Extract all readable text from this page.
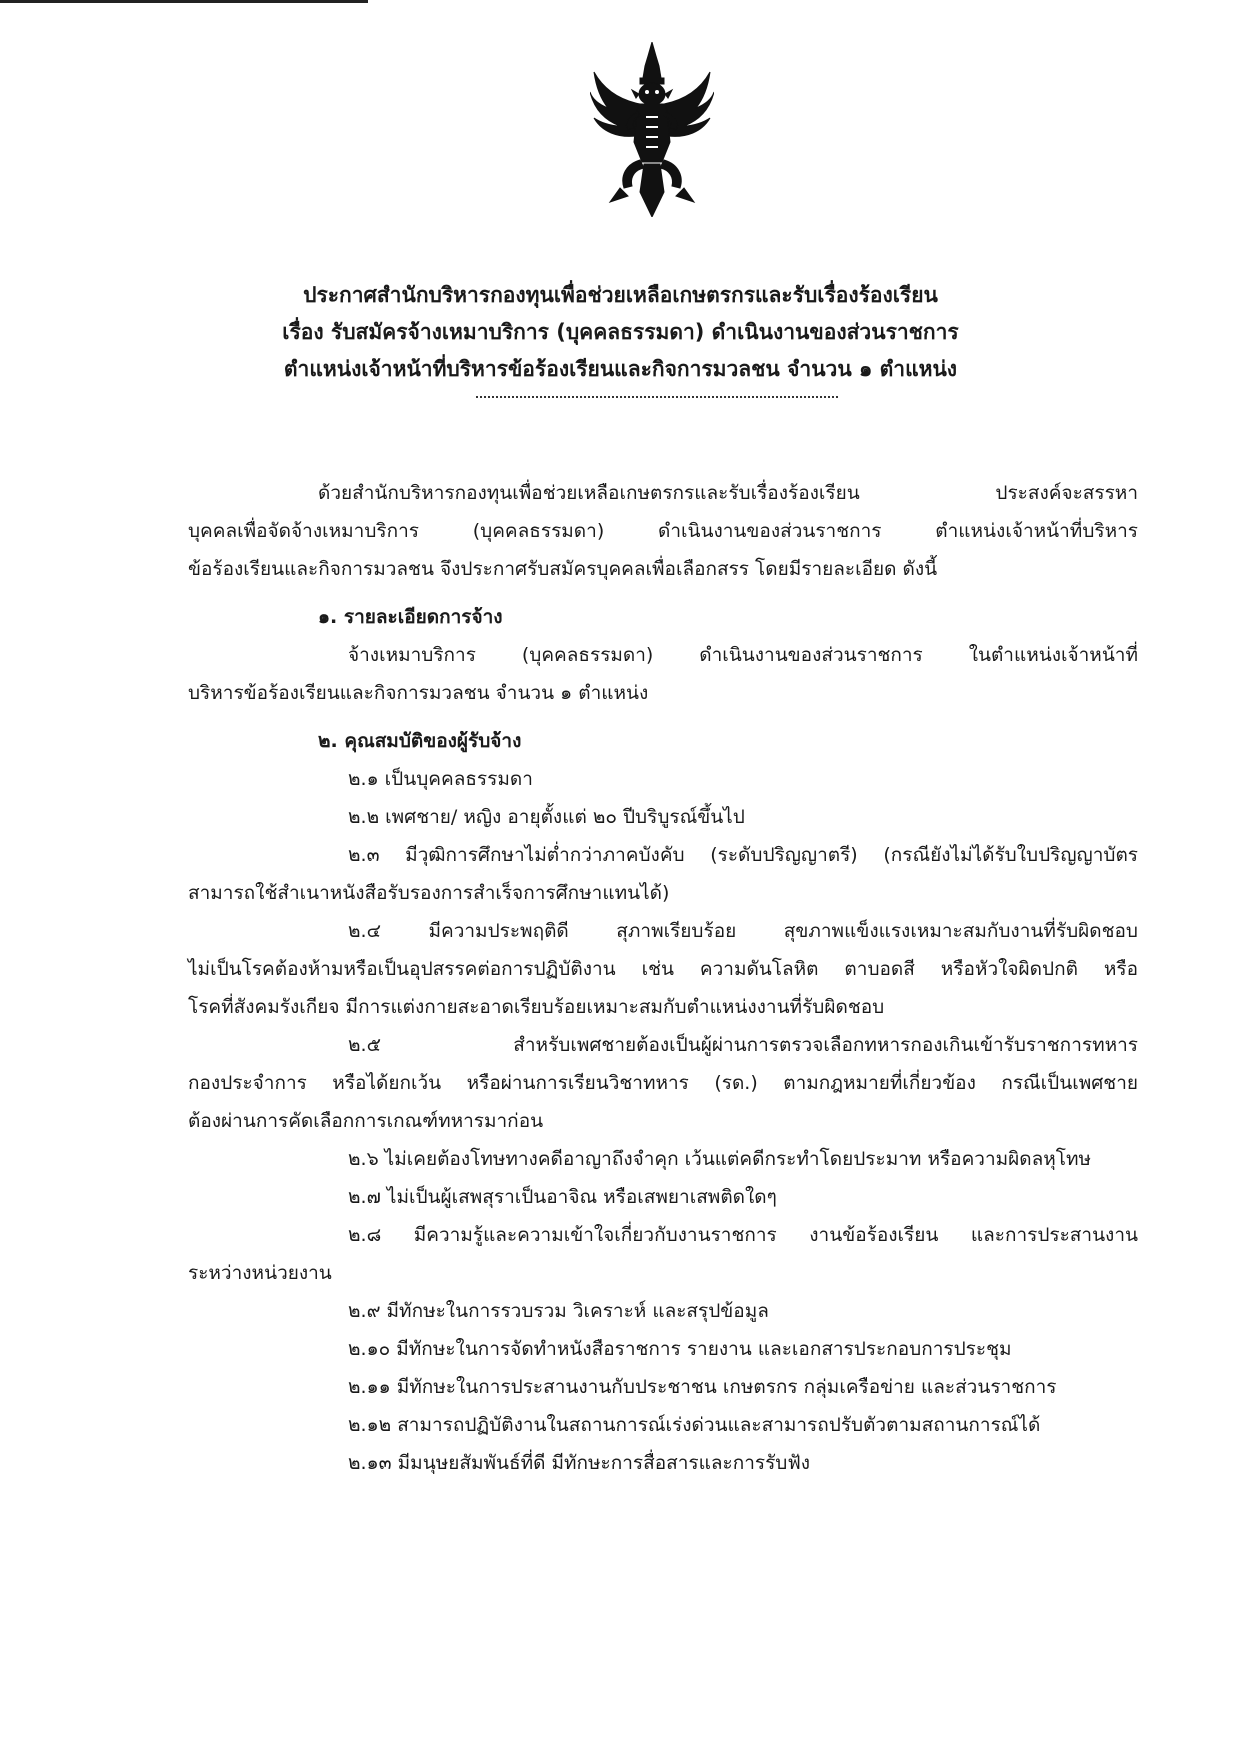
ประกาศสำนักบริหารกองทุนเพื่อช่วยเหลือเกษตรกรและรับเรื่องร้องเรียน
เรื่อง รับสมัครจ้างเหมาบริการ (บุคคลธรรมดา) ดำเนินงานของส่วนราชการ
ตำแหน่งเจ้าหน้าที่บริหารข้อร้องเรียนและกิจการมวลชน จำนวน ๑ ตำแหน่ง
ด้วยสำนักบริหารกองทุนเพื่อช่วยเหลือเกษตรกรและรับเรื่องร้องเรียน ประสงค์จะสรรหา
บุคคลเพื่อจัดจ้างเหมาบริการ (บุคคลธรรมดา) ดำเนินงานของส่วนราชการ ตำแหน่งเจ้าหน้าที่บริหาร
ข้อร้องเรียนและกิจการมวลชน จึงประกาศรับสมัครบุคคลเพื่อเลือกสรร โดยมีรายละเอียด ดังนี้
๑. รายละเอียดการจ้าง
จ้างเหมาบริการ (บุคคลธรรมดา) ดำเนินงานของส่วนราชการ ในตำแหน่งเจ้าหน้าที่
บริหารข้อร้องเรียนและกิจการมวลชน จำนวน ๑ ตำแหน่ง
๒. คุณสมบัติของผู้รับจ้าง
๒.๑ เป็นบุคคลธรรมดา
๒.๒ เพศชาย/ หญิง อายุตั้งแต่ ๒๐ ปีบริบูรณ์ขึ้นไป
๒.๓ มีวุฒิการศึกษาไม่ต่ำกว่าภาคบังคับ (ระดับปริญญาตรี) (กรณียังไม่ได้รับใบปริญญาบัตร
สามารถใช้สำเนาหนังสือรับรองการสำเร็จการศึกษาแทนได้)
๒.๔ มีความประพฤติดี สุภาพเรียบร้อย สุขภาพแข็งแรงเหมาะสมกับงานที่รับผิดชอบ
ไม่เป็นโรคต้องห้ามหรือเป็นอุปสรรคต่อการปฏิบัติงาน เช่น ความดันโลหิต ตาบอดสี หรือหัวใจผิดปกติ หรือ
โรคที่สังคมรังเกียจ มีการแต่งกายสะอาดเรียบร้อยเหมาะสมกับตำแหน่งงานที่รับผิดชอบ
๒.๕ สำหรับเพศชายต้องเป็นผู้ผ่านการตรวจเลือกทหารกองเกินเข้ารับราชการทหาร
กองประจำการ หรือได้ยกเว้น หรือผ่านการเรียนวิชาทหาร (รด.) ตามกฎหมายที่เกี่ยวข้อง กรณีเป็นเพศชาย
ต้องผ่านการคัดเลือกการเกณฑ์ทหารมาก่อน
๒.๖ ไม่เคยต้องโทษทางคดีอาญาถึงจำคุก เว้นแต่คดีกระทำโดยประมาท หรือความผิดลหุโทษ
๒.๗ ไม่เป็นผู้เสพสุราเป็นอาจิณ หรือเสพยาเสพติดใดๆ
๒.๘ มีความรู้และความเข้าใจเกี่ยวกับงานราชการ งานข้อร้องเรียน และการประสานงาน
ระหว่างหน่วยงาน
๒.๙ มีทักษะในการรวบรวม วิเคราะห์ และสรุปข้อมูล
๒.๑๐ มีทักษะในการจัดทำหนังสือราชการ รายงาน และเอกสารประกอบการประชุม
๒.๑๑ มีทักษะในการประสานงานกับประชาชน เกษตรกร กลุ่มเครือข่าย และส่วนราชการ
๒.๑๒ สามารถปฏิบัติงานในสถานการณ์เร่งด่วนและสามารถปรับตัวตามสถานการณ์ได้
๒.๑๓ มีมนุษยสัมพันธ์ที่ดี มีทักษะการสื่อสารและการรับฟัง
